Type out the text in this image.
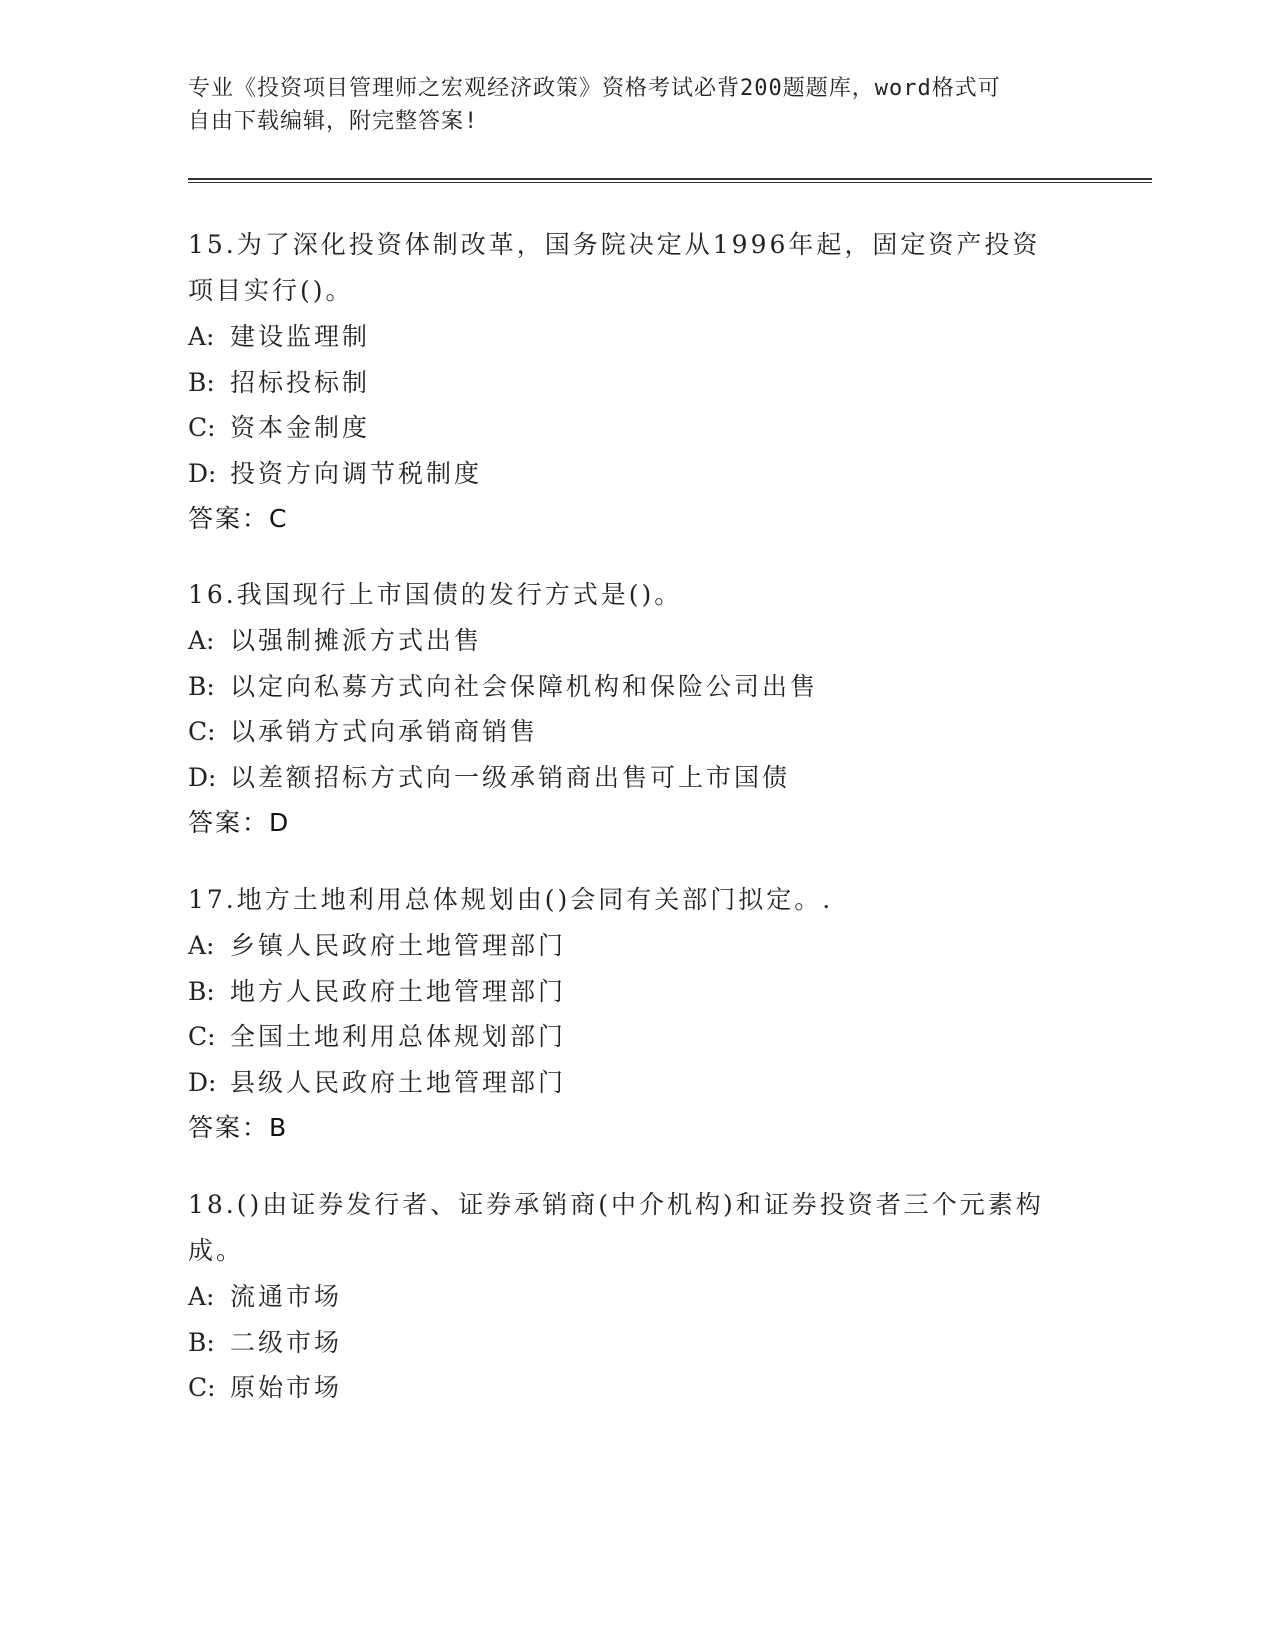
专业《投资项目管理师之宏观经济政策》资格考试必背200题题库，word格式可
自由下载编辑，附完整答案!

15.为了深化投资体制改革，国务院决定从1996年起，固定资产投资

项目实行()。

A: 建设监理制

B: 招标投标制

C: 资本金制度

D: 投资方向调节税制度

答案：C

16.我国现行上市国债的发行方式是()。

A: 以强制摊派方式出售

B: 以定向私募方式向社会保障机构和保险公司出售

C: 以承销方式向承销商销售

D: 以差额招标方式向一级承销商出售可上市国债

答案：D

17.地方土地利用总体规划由()会同有关部门拟定。.

A: 乡镇人民政府土地管理部门

B: 地方人民政府土地管理部门

C: 全国土地利用总体规划部门

D: 县级人民政府土地管理部门

答案：B

18.()由证券发行者、证券承销商(中介机构)和证券投资者三个元素构

成。

A: 流通市场

B: 二级市场

C: 原始市场
